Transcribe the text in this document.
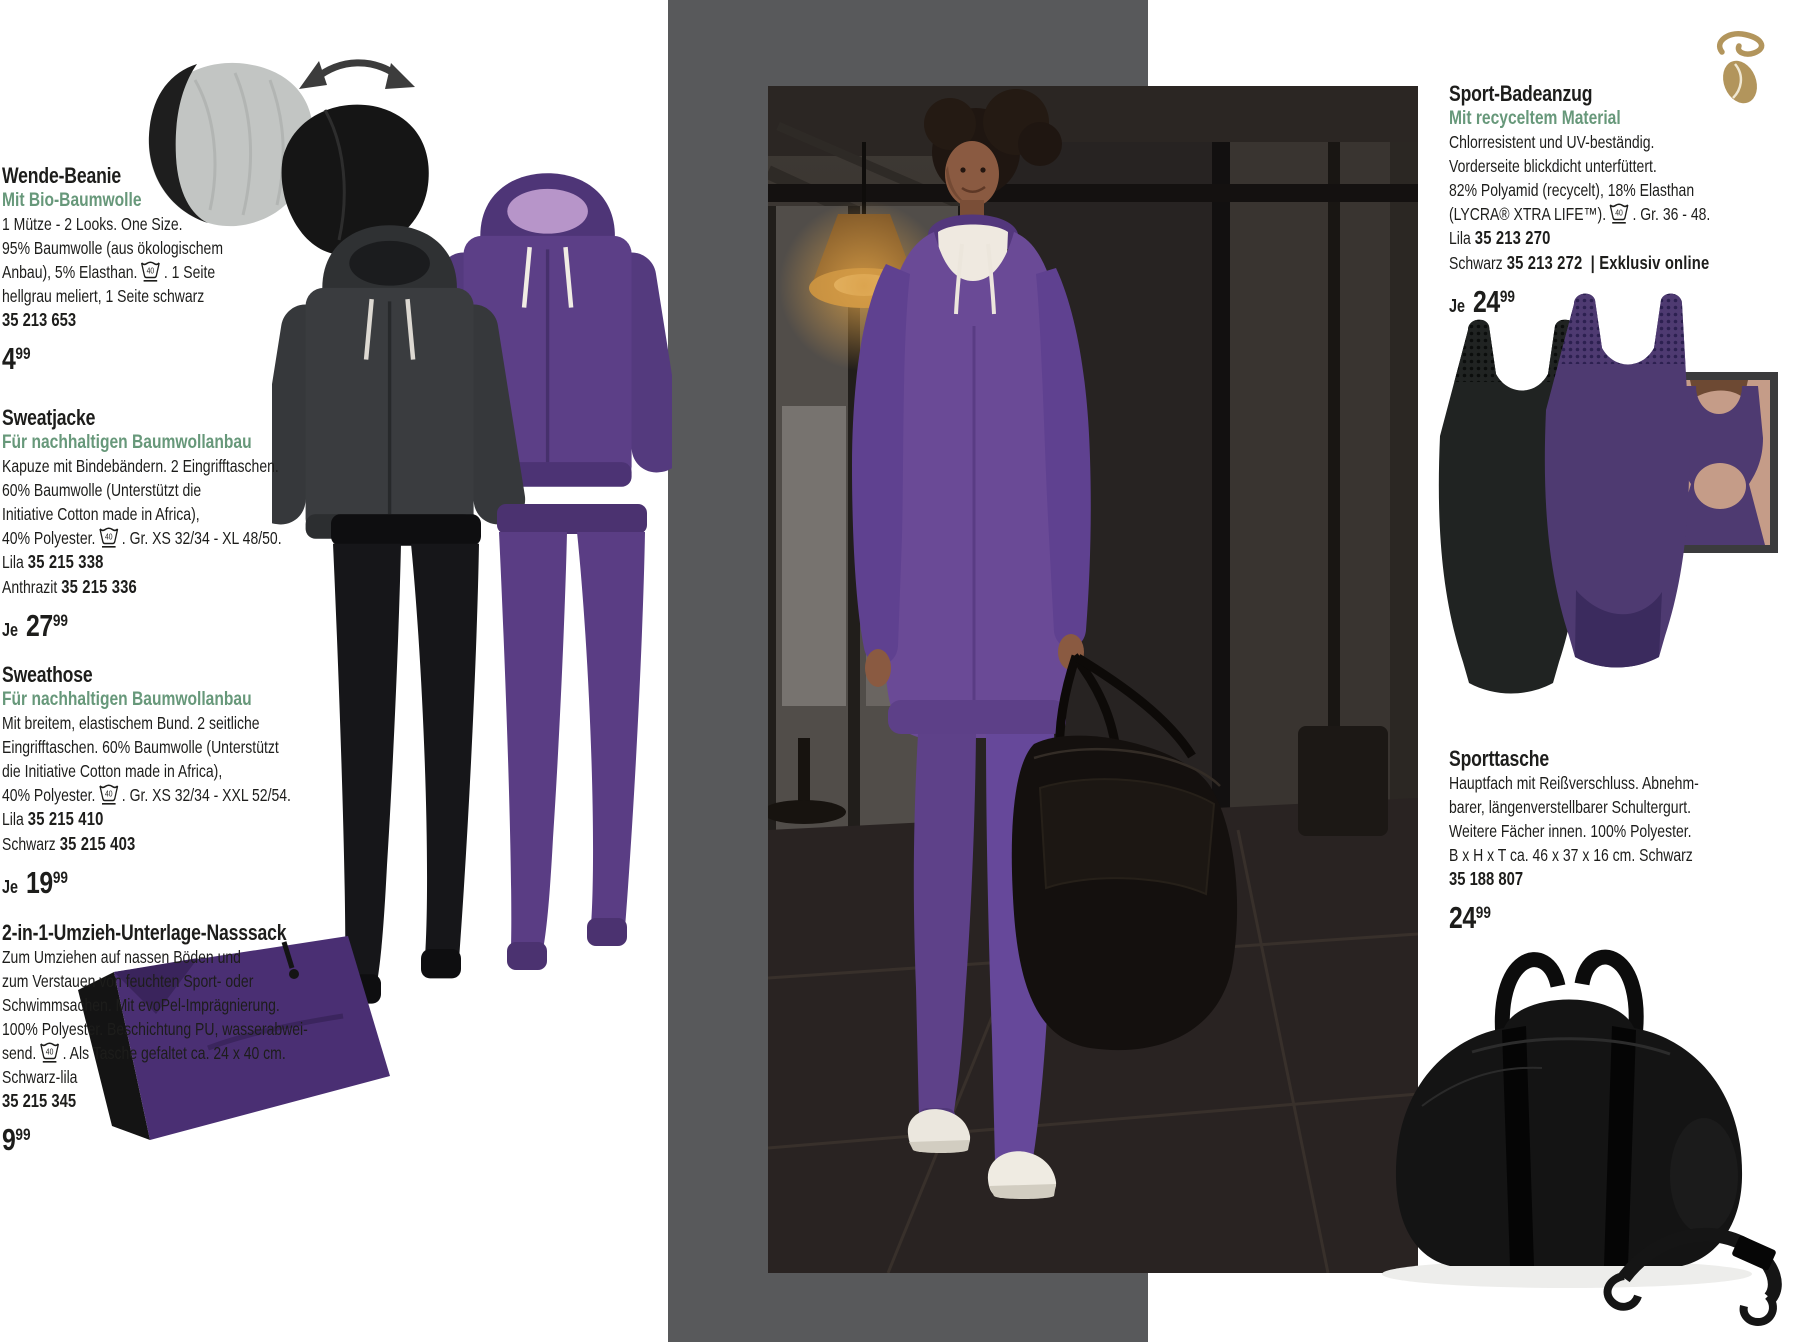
Wende-Beanie
Mit Bio-Baumwolle
1 Mütze - 2 Looks. One Size.
95% Baumwolle (aus ökologischem
Anbau), 5% Elasthan. 40 . 1 Seite
hellgrau meliert, 1 Seite schwarz
35 213 653
$4^{99}$
Sweatjacke
Für nachhaltigen Baumwollanbau
Kapuze mit Bindebändern. 2 Eingrifftaschen.
60% Baumwolle (Unterstützt die
Initiative Cotton made in Africa),
40% Polyester. 40 . Gr. XS 32/34 - XL 48/50.
Lila 35 215 338
Anthrazit 35 215 336
Je $27^{99}$
Sweathose
Für nachhaltigen Baumwollanbau
Mit breitem, elastischem Bund. 2 seitliche
Eingrifftaschen. 60% Baumwolle (Unterstützt
die Initiative Cotton made in Africa),
40% Polyester. 40 . Gr. XS 32/34 - XXL 52/54.
Lila 35 215 410
Schwarz 35 215 403
Je $19^{99}$
2-in-1-Umzieh-Unterlage-Nasssack
Zum Umziehen auf nassen Böden und
zum Verstauen von feuchten Sport- oder
Schwimmsachen. Mit evoPel-Imprägnierung.
100% Polyester. Beschichtung PU, wasserabwei-
send. 40 . Als Tasche gefaltet ca. 24 x 40 cm.
Schwarz-lila
35 215 345
$9^{99}$
Sport-Badeanzug
Mit recyceltem Material
Chlorresistent und UV-beständig.
Vorderseite blickdicht unterfüttert.
82% Polyamid (recycelt), 18% Elasthan
(LYCRA® XTRA LIFE™). 40 . Gr. 36 - 48.
Lila 35 213 270
Schwarz 35 213 272 | Exklusiv online
Je $24^{99}$
Sporttasche
Hauptfach mit Reißverschluss. Abnehm-
barer, längenverstellbarer Schultergurt.
Weitere Fächer innen. 100% Polyester.
B x H x T ca. 46 x 37 x 16 cm. Schwarz
35 188 807
$24^{99}$
